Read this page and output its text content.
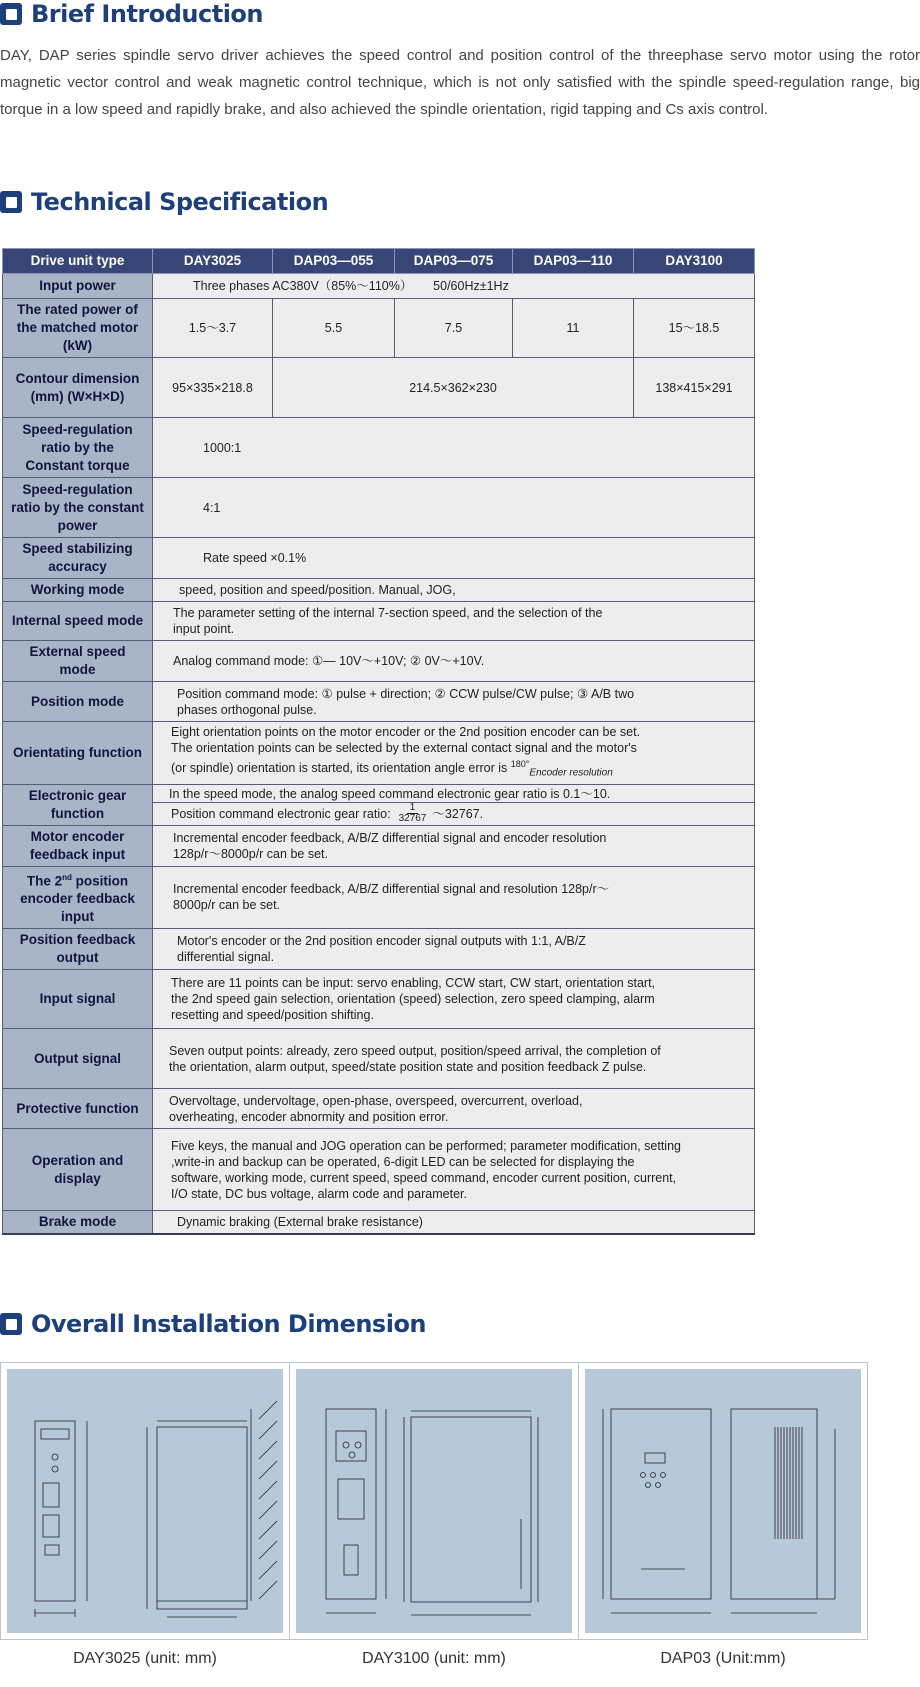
Brief Introduction

DAY, DAP series spindle servo driver achieves the speed control and position control of the threephase servo motor using the rotor magnetic vector control and weak magnetic control technique, which is not only satisfied with the spindle speed-regulation range, big torque in a low speed and rapidly brake, and also achieved the spindle orientation, rigid tapping and Cs axis control.

Technical Specification
Drive unit type	DAY3025	DAP03—055	DAP03—075	DAP03—110	DAY3100
Input power	Three phases AC380V（85%～110%）      50/60Hz±1Hz				
The rated power of the matched motor (kW)	1.5～3.7	5.5	7.5	11	15～18.5
Contour dimension (mm) (W×H×D)	95×335×218.8	214.5×362×230			138×415×291
Speed-regulation ratio by the Constant torque	1000:1				
Speed-regulation ratio by the constant power	4:1				
Speed stabilizing accuracy	Rate speed ×0.1%				
Working mode	speed, position and speed/position. Manual, JOG,				
Internal speed mode	The parameter setting of the internal 7-section speed, and the selection of the input point.				
External speed mode	Analog command mode: ①— 10V～+10V; ② 0V～+10V.				
Position mode	Position command mode: ① pulse + direction; ② CCW pulse/CW pulse; ③ A/B two phases orthogonal pulse.				
Orientating function	Eight orientation points on the motor encoder or the 2nd position encoder can be set.
The orientation points can be selected by the external contact signal and the motor's
(or spindle) orientation is started, its orientation angle error is $^{180^\circ}_{Encoder resolution}$

Electronic gear function	In the speed mode, the analog speed command electronic gear ratio is 0.1～10.
Position command electronic gear ratio: $\frac{1}{32767}$ ～32767.				

Motor encoder feedback input	Incremental encoder feedback, A/B/Z differential signal and encoder resolution 128p/r～8000p/r can be set.				
The 2nd position encoder feedback input	Incremental encoder feedback, A/B/Z differential signal and resolution 128p/r～ 8000p/r can be set.				
Position feedback output	Motor's encoder or the 2nd position encoder signal outputs with 1:1, A/B/Z differential signal.				
Input signal	There are 11 points can be input: servo enabling, CCW start, CW start, orientation start, the 2nd speed gain selection, orientation (speed) selection, zero speed clamping, alarm resetting and speed/position shifting.				
Output signal	Seven output points: already, zero speed output, position/speed arrival, the completion of the orientation, alarm output, speed/state position state and position feedback Z pulse.				
Protective function	Overvoltage, undervoltage, open-phase, overspeed, overcurrent, overload, overheating, encoder abnormity and position error.				
Operation and display	Five keys, the manual and JOG operation can be performed; parameter modification, setting ,write-in and backup can be operated, 6-digit LED can be selected for displaying the software, working mode, current speed, speed command, encoder current position, current, I/O state, DC bus voltage, alarm code and parameter.				
Brake mode	Dynamic braking (External brake resistance)				
Overall Installation Dimension
DAY3025 (unit: mm)	DAY3100 (unit: mm)	DAP03 (Unit:mm)
